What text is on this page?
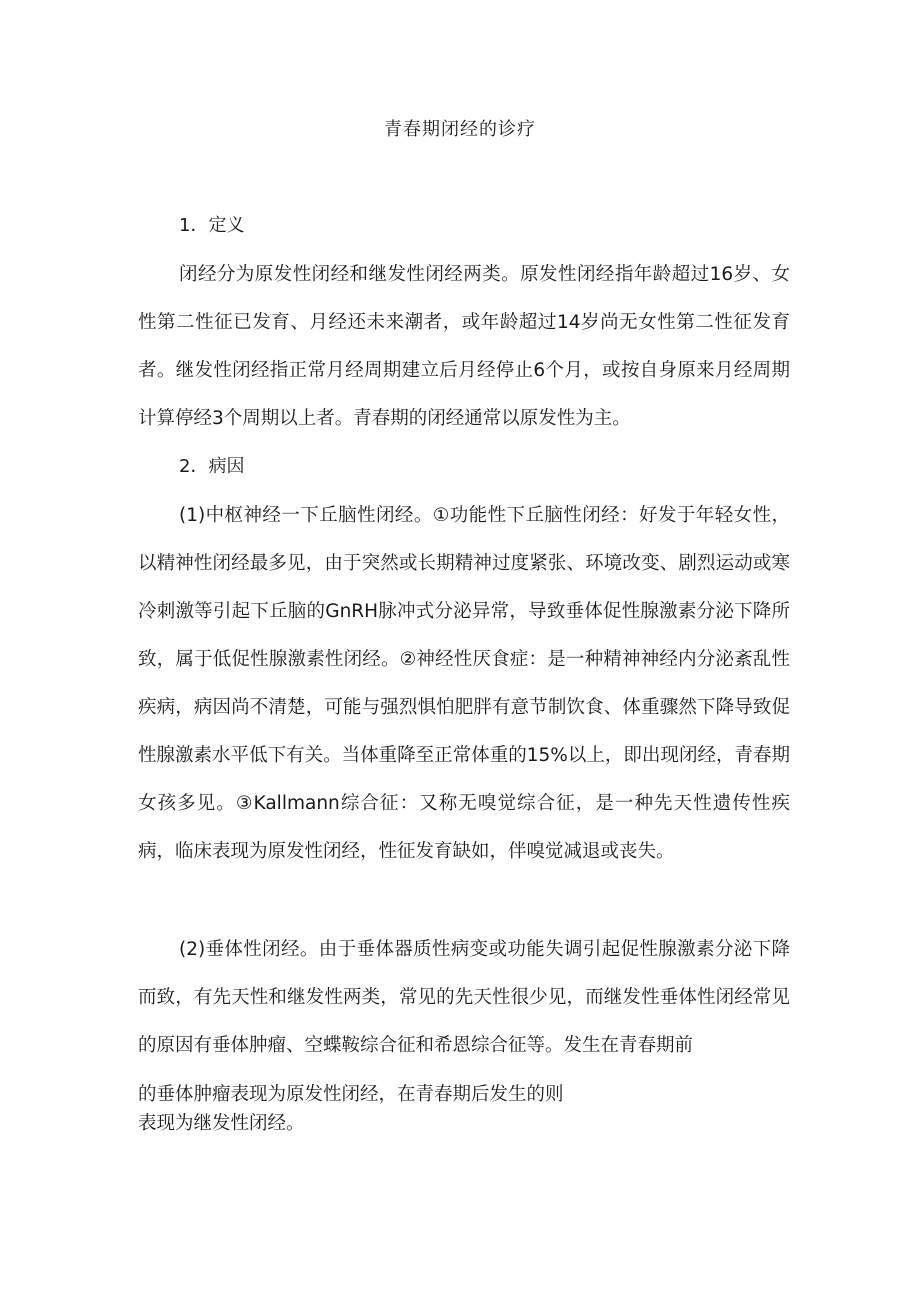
青春期闭经的诊疗
1．定义
闭经分为原发性闭经和继发性闭经两类。原发性闭经指年龄超过16岁、女性第二性征已发育、月经还未来潮者，或年龄超过14岁尚无女性第二性征发育者。继发性闭经指正常月经周期建立后月经停止6个月，或按自身原来月经周期计算停经3个周期以上者。青春期的闭经通常以原发性为主。
2．病因
(1)中枢神经一下丘脑性闭经。①功能性下丘脑性闭经：好发于年轻女性，以精神性闭经最多见，由于突然或长期精神过度紧张、环境改变、剧烈运动或寒冷刺激等引起下丘脑的GnRH脉冲式分泌异常，导致垂体促性腺激素分泌下降所致，属于低促性腺激素性闭经。②神经性厌食症：是一种精神神经内分泌紊乱性疾病，病因尚不清楚，可能与强烈惧怕肥胖有意节制饮食、体重骤然下降导致促性腺激素水平低下有关。当体重降至正常体重的15%以上，即出现闭经，青春期女孩多见。③Kallmann综合征：又称无嗅觉综合征，是一种先天性遗传性疾病，临床表现为原发性闭经，性征发育缺如，伴嗅觉减退或丧失。
(2)垂体性闭经。由于垂体器质性病变或功能失调引起促性腺激素分泌下降而致，有先天性和继发性两类，常见的先天性很少见，而继发性垂体性闭经常见的原因有垂体肿瘤、空蝶鞍综合征和希恩综合征等。发生在青春期前
的垂体肿瘤表现为原发性闭经，在青春期后发生的则
表现为继发性闭经。
